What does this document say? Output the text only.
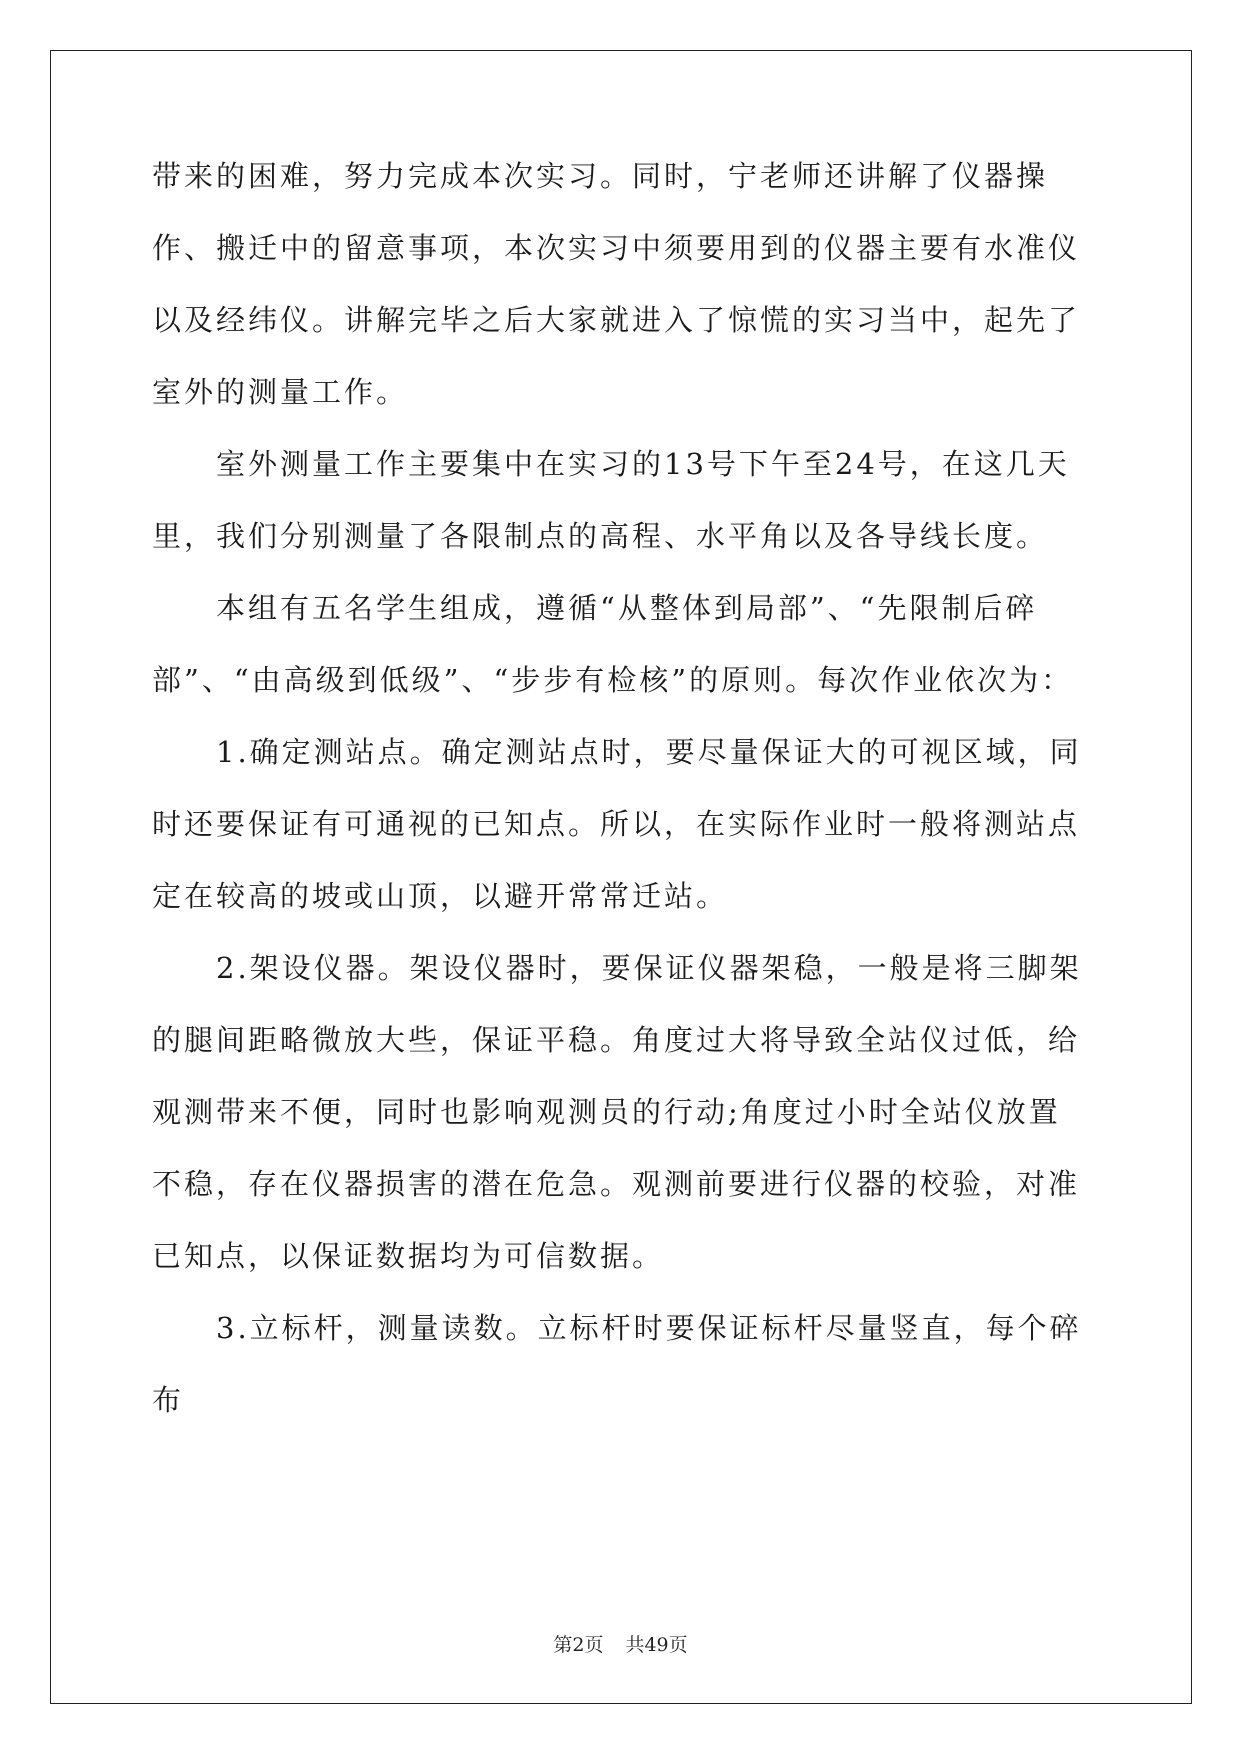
带来的困难，努力完成本次实习。同时，宁老师还讲解了仪器操作、搬迁中的留意事项，本次实习中须要用到的仪器主要有水准仪以及经纬仪。讲解完毕之后大家就进入了惊慌的实习当中，起先了室外的测量工作。

室外测量工作主要集中在实习的13号下午至24号，在这几天里，我们分别测量了各限制点的高程、水平角以及各导线长度。

本组有五名学生组成，遵循“从整体到局部”、“先限制后碎部”、“由高级到低级”、“步步有检核”的原则。每次作业依次为：

1.确定测站点。确定测站点时，要尽量保证大的可视区域，同时还要保证有可通视的已知点。所以，在实际作业时一般将测站点定在较高的坡或山顶，以避开常常迁站。

2.架设仪器。架设仪器时，要保证仪器架稳，一般是将三脚架的腿间距略微放大些，保证平稳。角度过大将导致全站仪过低，给观测带来不便，同时也影响观测员的行动;角度过小时全站仪放置不稳，存在仪器损害的潜在危急。观测前要进行仪器的校验，对准已知点，以保证数据均为可信数据。

3.立标杆，测量读数。立标杆时要保证标杆尽量竖直，每个碎布

第2页 共49页
